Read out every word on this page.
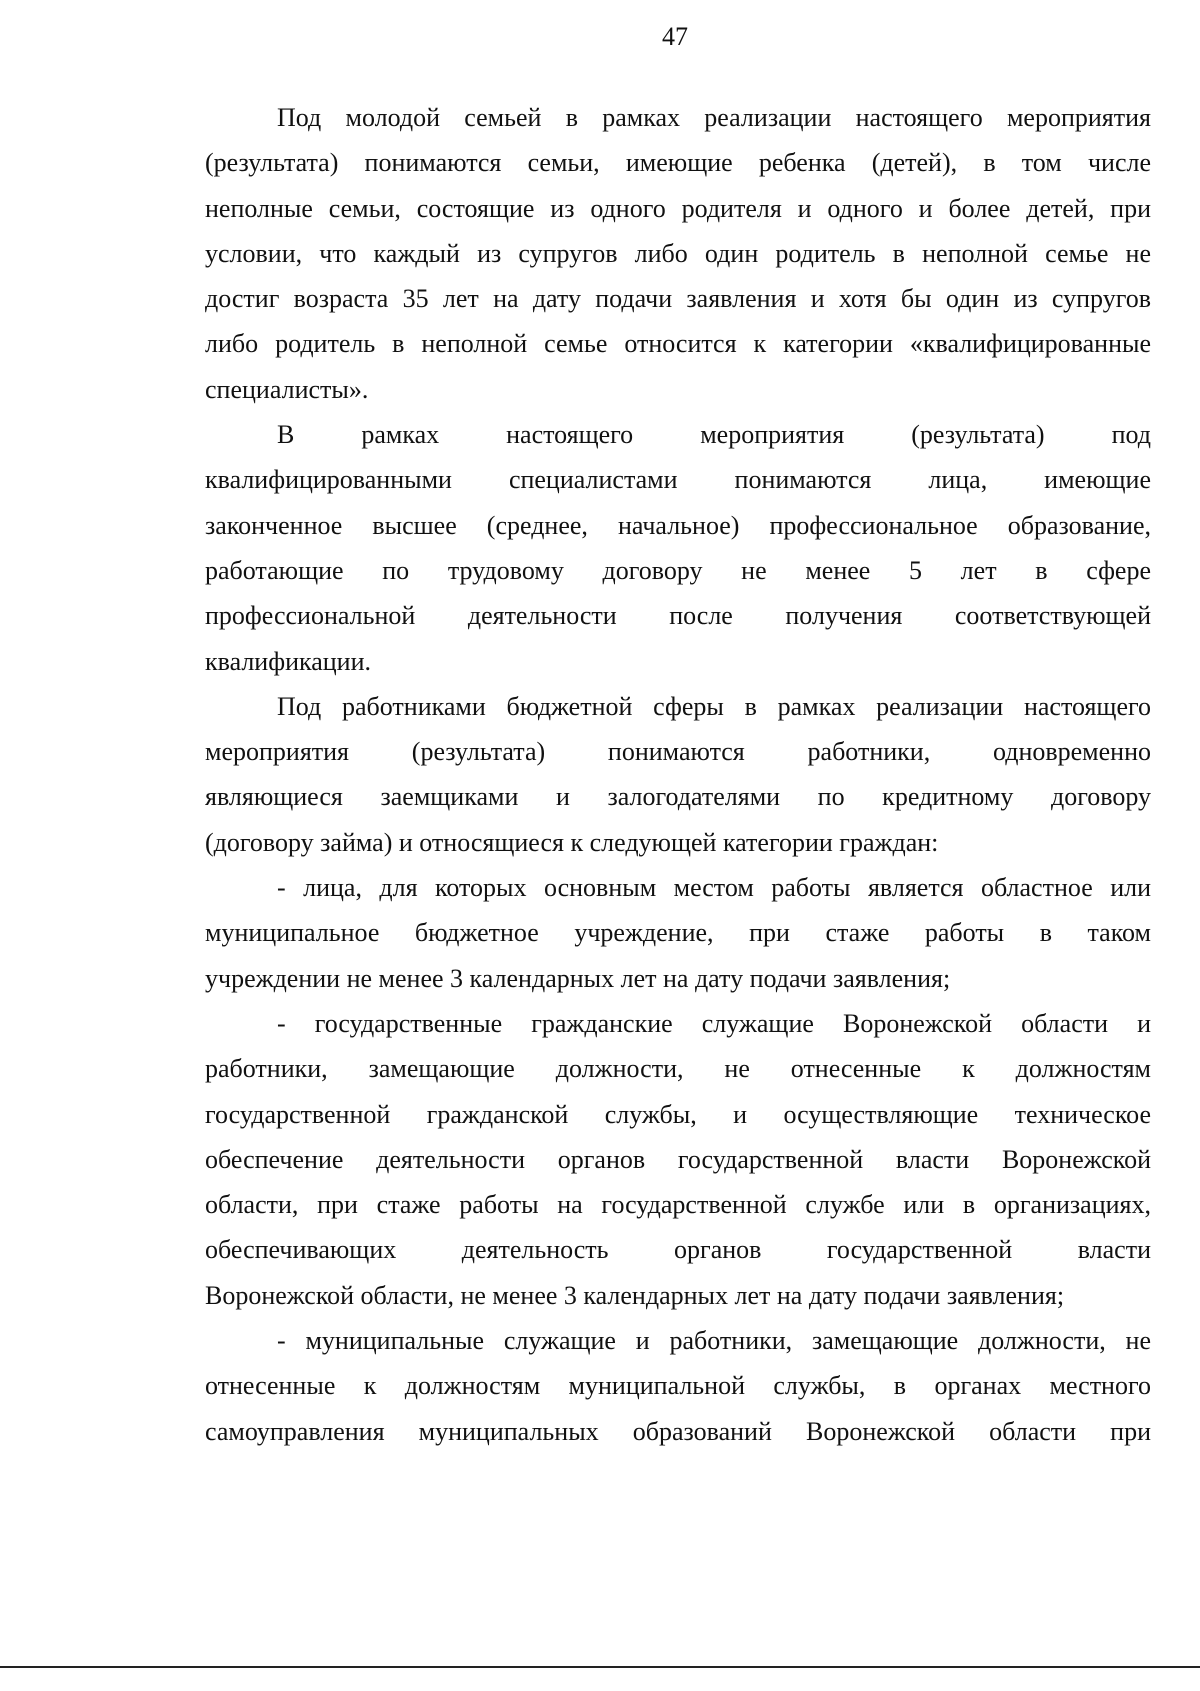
47
Под молодой семьей в рамках реализации настоящего мероприятия
(результата) понимаются семьи, имеющие ребенка (детей), в том числе
неполные семьи, состоящие из одного родителя и одного и более детей, при
условии, что каждый из супругов либо один родитель в неполной семье не
достиг возраста 35 лет на дату подачи заявления и хотя бы один из супругов
либо родитель в неполной семье относится к категории «квалифицированные
специалисты».
В рамках настоящего мероприятия (результата) под
квалифицированными специалистами понимаются лица, имеющие
законченное высшее (среднее, начальное) профессиональное образование,
работающие по трудовому договору не менее 5 лет в сфере
профессиональной деятельности после получения соответствующей
квалификации.
Под работниками бюджетной сферы в рамках реализации настоящего
мероприятия (результата) понимаются работники, одновременно
являющиеся заемщиками и залогодателями по кредитному договору
(договору займа) и относящиеся к следующей категории граждан:
- лица, для которых основным местом работы является областное или
муниципальное бюджетное учреждение, при стаже работы в таком
учреждении не менее 3 календарных лет на дату подачи заявления;
- государственные гражданские служащие Воронежской области и
работники, замещающие должности, не отнесенные к должностям
государственной гражданской службы, и осуществляющие техническое
обеспечение деятельности органов государственной власти Воронежской
области, при стаже работы на государственной службе или в организациях,
обеспечивающих деятельность органов государственной власти
Воронежской области, не менее 3 календарных лет на дату подачи заявления;
- муниципальные служащие и работники, замещающие должности, не
отнесенные к должностям муниципальной службы, в органах местного
самоуправления муниципальных образований Воронежской области при
